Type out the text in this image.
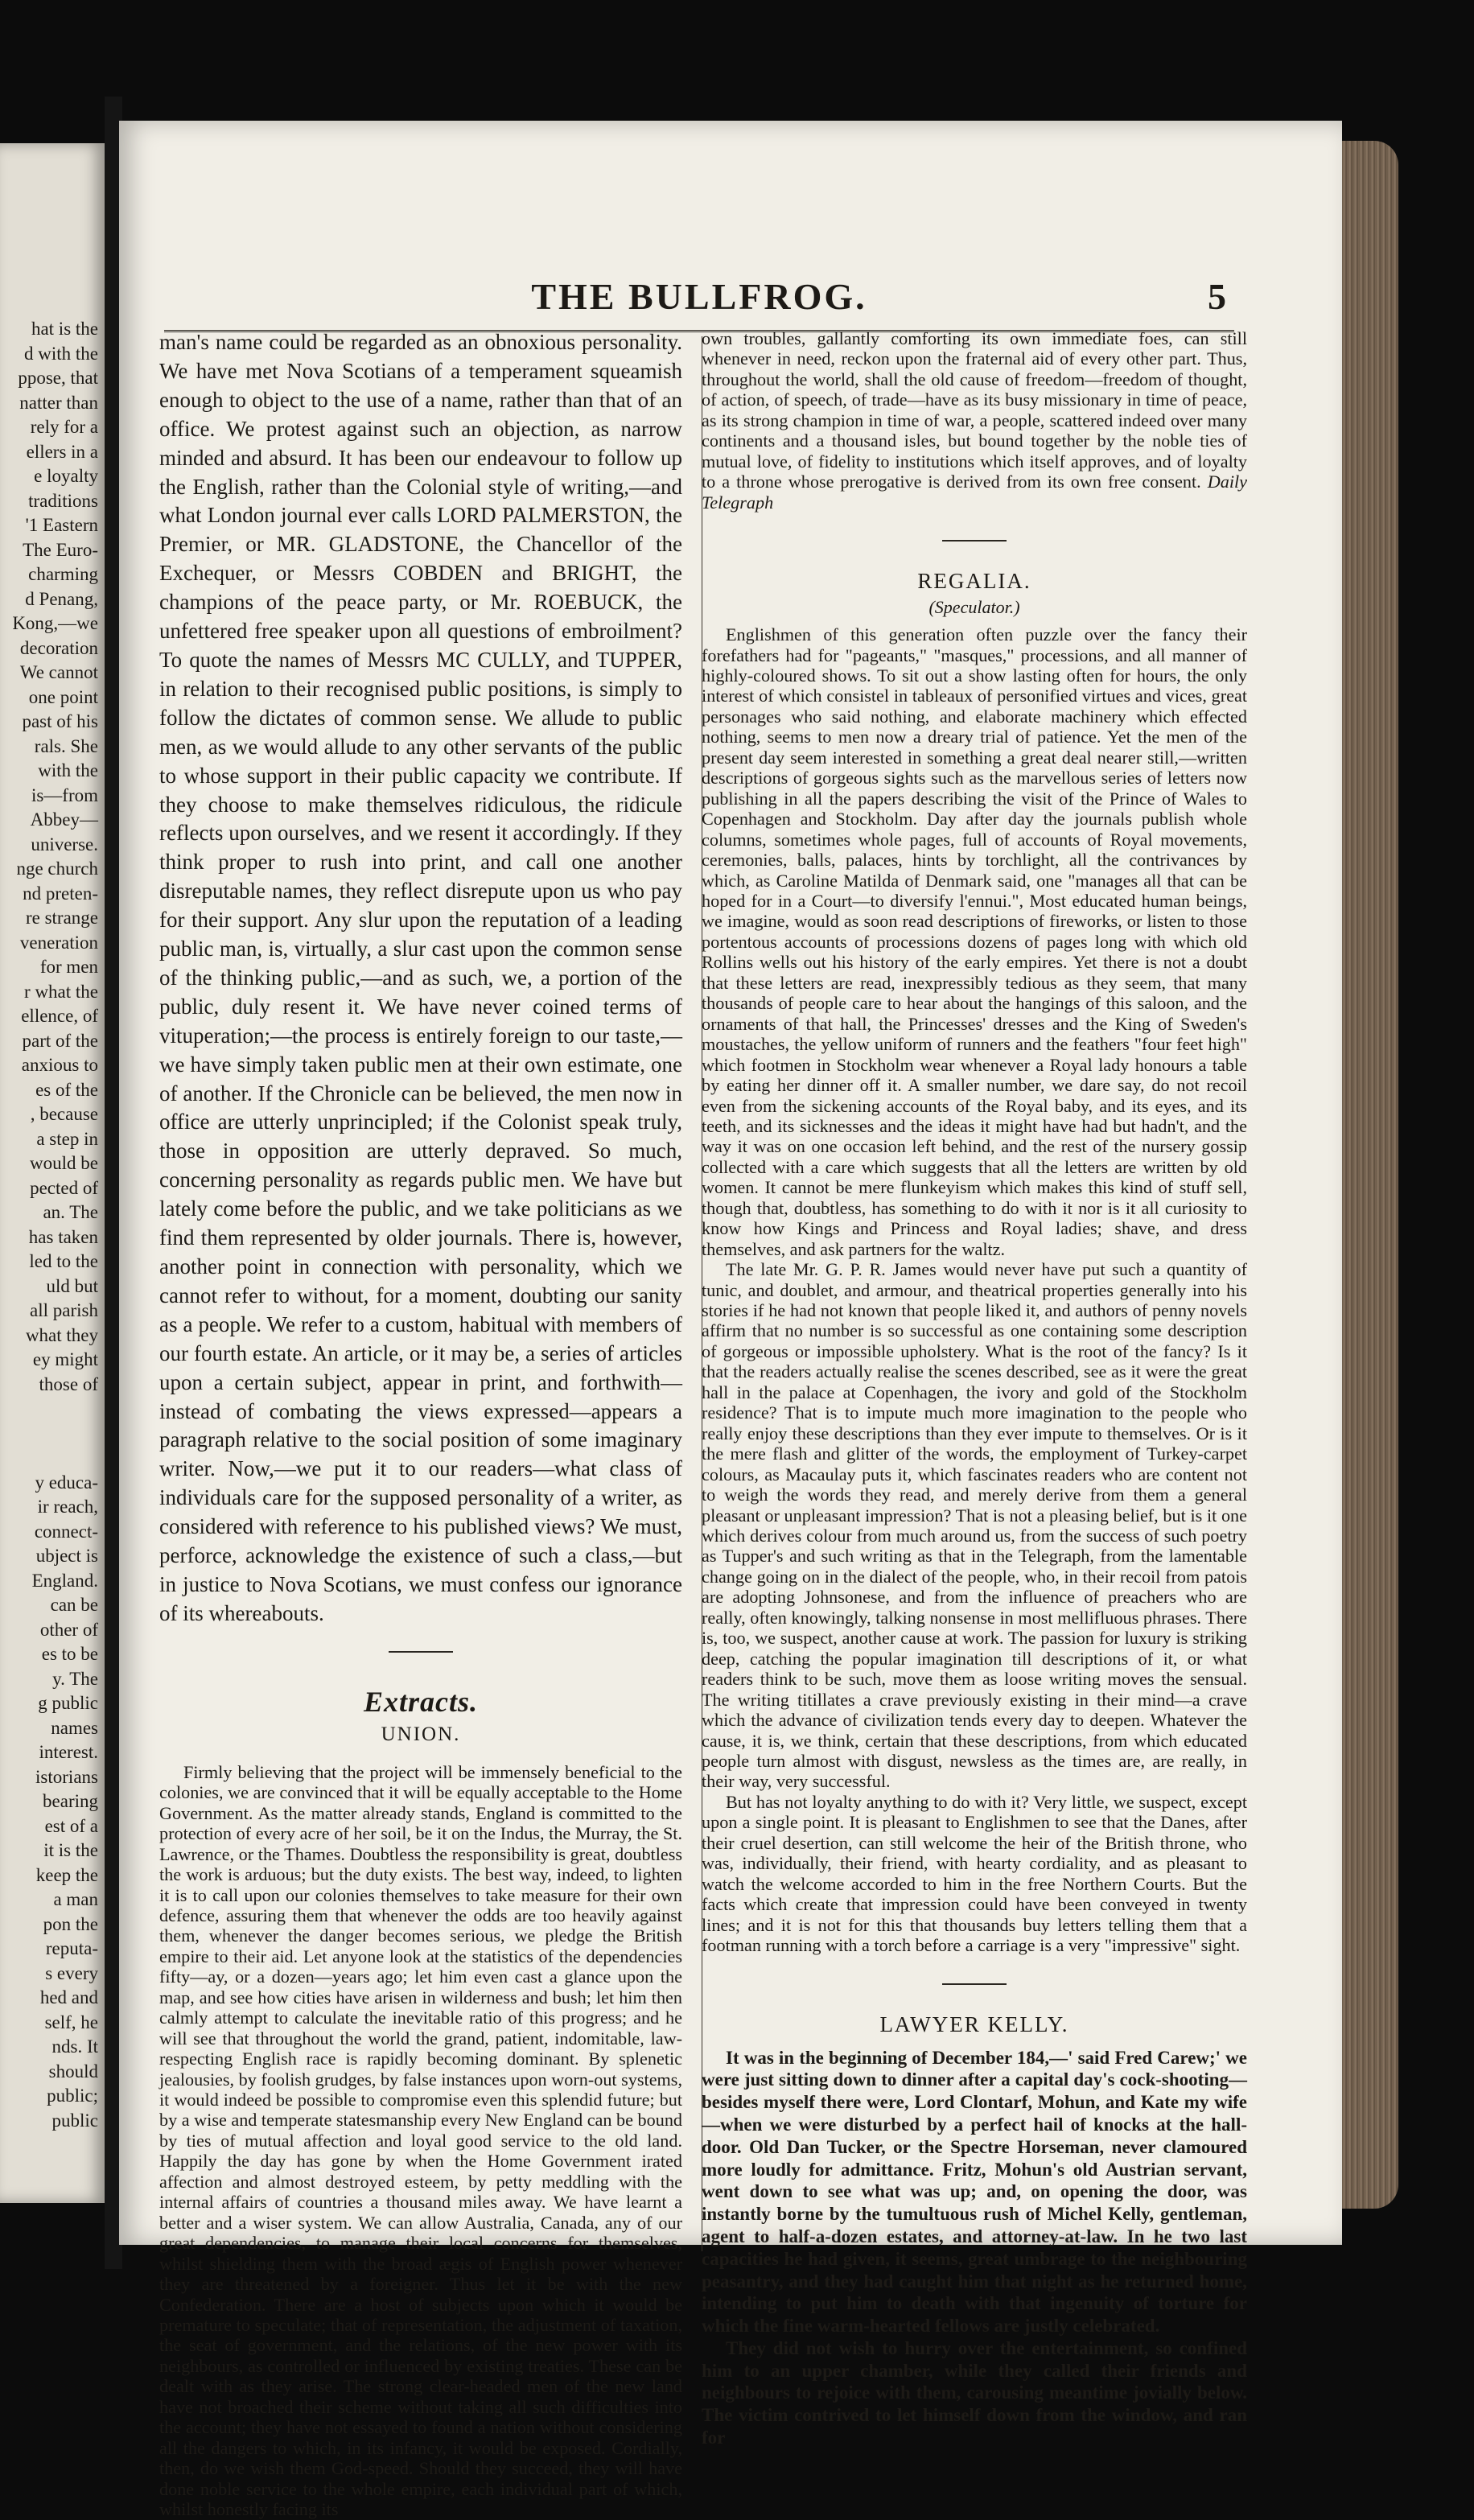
hat is the
d with the
ppose, that
natter than
rely for a
ellers in a
e loyalty
traditions
'1 Eastern
The Euro-
charming
d Penang,
Kong,—we
decoration
We cannot
one point
past of his
rals. She
with the
is—from
Abbey—
universe.
nge church
nd preten-
re strange
veneration
for men
r what the
ellence, of
part of the
anxious to
es of the
, because
a step in
would be
pected of
an. The
has taken
led to the
uld but
all parish
what they
ey might
those of
y educa-
ir reach,
connect-
ubject is
England.
can be
other of
es to be
y. The
g public
names
interest.
istorians
bearing
est of a
it is the
keep the
a man
pon the
reputa-
s every
hed and
self, he
nds. It
should
public;
public
THE BULLFROG.	5
man's name could be regarded as an obnoxious personality. We have met Nova Scotians of a temperament squeamish enough to object to the use of a name, rather than that of an office. We protest against such an objection, as narrow minded and absurd. It has been our endeavour to follow up the English, rather than the Colonial style of writing,—and what London journal ever calls LORD PALMERSTON, the Premier, or MR. GLADSTONE, the Chancellor of the Exchequer, or Messrs COBDEN and BRIGHT, the champions of the peace party, or Mr. ROEBUCK, the unfettered free speaker upon all questions of embroilment? To quote the names of Messrs MC CULLY, and TUPPER, in relation to their recognised public positions, is simply to follow the dictates of common sense. We allude to public men, as we would allude to any other servants of the public to whose support in their public capacity we contribute. If they choose to make themselves ridiculous, the ridicule reflects upon ourselves, and we resent it accordingly. If they think proper to rush into print, and call one another disreputable names, they reflect disrepute upon us who pay for their support. Any slur upon the reputation of a leading public man, is, virtually, a slur cast upon the common sense of the thinking public,—and as such, we, a portion of the public, duly resent it. We have never coined terms of vituperation;—the process is entirely foreign to our taste,—we have simply taken public men at their own estimate, one of another. If the Chronicle can be believed, the men now in office are utterly unprincipled; if the Colonist speak truly, those in opposition are utterly depraved. So much, concerning personality as regards public men. We have but lately come before the public, and we take politicians as we find them represented by older journals. There is, however, another point in connection with personality, which we cannot refer to without, for a moment, doubting our sanity as a people. We refer to a custom, habitual with members of our fourth estate. An article, or it may be, a series of articles upon a certain subject, appear in print, and forthwith—instead of combating the views expressed—appears a paragraph relative to the social position of some imaginary writer. Now,—we put it to our readers—what class of individuals care for the supposed personality of a writer, as considered with reference to his published views? We must, perforce, acknowledge the existence of such a class,—but in justice to Nova Scotians, we must confess our ignorance of its whereabouts.
Extracts.
UNION.
Firmly believing that the project will be immensely beneficial to the colonies, we are convinced that it will be equally acceptable to the Home Government. As the matter already stands, England is committed to the protection of every acre of her soil, be it on the Indus, the Murray, the St. Lawrence, or the Thames. Doubtless the responsibility is great, doubtless the work is arduous; but the duty exists. The best way, indeed, to lighten it is to call upon our colonies themselves to take measure for their own defence, assuring them that whenever the odds are too heavily against them, whenever the danger becomes serious, we pledge the British empire to their aid. Let anyone look at the statistics of the dependencies fifty—ay, or a dozen—years ago; let him even cast a glance upon the map, and see how cities have arisen in wilderness and bush; let him then calmly attempt to calculate the inevitable ratio of this progress; and he will see that throughout the world the grand, patient, indomitable, law-respecting English race is rapidly becoming dominant. By splenetic jealousies, by foolish grudges, by false instances upon worn-out systems, it would indeed be possible to compromise even this splendid future; but by a wise and temperate statesmanship every New England can be bound by ties of mutual affection and loyal good service to the old land. Happily the day has gone by when the Home Government irated affection and almost destroyed esteem, by petty meddling with the internal affairs of countries a thousand miles away. We have learnt a better and a wiser system. We can allow Australia, Canada, any of our great dependencies, to manage their local concerns for themselves, whilst shielding them with the broad ægis of English power whenever they are threatened by a foreigner. Thus let it be with the new Confederation. There are a host of subjects upon which it would be premature to speculate; that of representation, the adjustment of taxation, the seat of government, and the relations, of the new power with its neighbours, as controlled or influenced by existing treaties. These can be dealt with as they arise. The strong clear-headed men of the new land have not broached their scheme without taking all such difficulties into the account; they have not essayed to found a nation without considering all the dangers to which, in its infancy, it would be exposed. Cordially, then, do we wish them God-speed. Should they succeed, they will have done noble service to the whole empire, each individual part of which, whilst honestly facing its
own troubles, gallantly comforting its own immediate foes, can still whenever in need, reckon upon the fraternal aid of every other part. Thus, throughout the world, shall the old cause of freedom—freedom of thought, of action, of speech, of trade—have as its busy missionary in time of peace, as its strong champion in time of war, a people, scattered indeed over many continents and a thousand isles, but bound together by the noble ties of mutual love, of fidelity to institutions which itself approves, and of loyalty to a throne whose prerogative is derived from its own free consent. Daily Telegraph
REGALIA.
(Speculator.)
Englishmen of this generation often puzzle over the fancy their forefathers had for "pageants," "masques," processions, and all manner of highly-coloured shows. To sit out a show lasting often for hours, the only interest of which consistel in tableaux of personified virtues and vices, great personages who said nothing, and elaborate machinery which effected nothing, seems to men now a dreary trial of patience. Yet the men of the present day seem interested in something a great deal nearer still,—written descriptions of gorgeous sights such as the marvellous series of letters now publishing in all the papers describing the visit of the Prince of Wales to Copenhagen and Stockholm. Day after day the journals publish whole columns, sometimes whole pages, full of accounts of Royal movements, ceremonies, balls, palaces, hints by torchlight, all the contrivances by which, as Caroline Matilda of Denmark said, one "manages all that can be hoped for in a Court—to diversify l'ennui.", Most educated human beings, we imagine, would as soon read descriptions of fireworks, or listen to those portentous accounts of processions dozens of pages long with which old Rollins wells out his history of the early empires. Yet there is not a doubt that these letters are read, inexpressibly tedious as they seem, that many thousands of people care to hear about the hangings of this saloon, and the ornaments of that hall, the Princesses' dresses and the King of Sweden's moustaches, the yellow uniform of runners and the feathers "four feet high" which footmen in Stockholm wear whenever a Royal lady honours a table by eating her dinner off it. A smaller number, we dare say, do not recoil even from the sickening accounts of the Royal baby, and its eyes, and its teeth, and its sicknesses and the ideas it might have had but hadn't, and the way it was on one occasion left behind, and the rest of the nursery gossip collected with a care which suggests that all the letters are written by old women. It cannot be mere flunkeyism which makes this kind of stuff sell, though that, doubtless, has something to do with it nor is it all curiosity to know how Kings and Princess and Royal ladies; shave, and dress themselves, and ask partners for the waltz.
The late Mr. G. P. R. James would never have put such a quantity of tunic, and doublet, and armour, and theatrical properties generally into his stories if he had not known that people liked it, and authors of penny novels affirm that no number is so successful as one containing some description of gorgeous or impossible upholstery. What is the root of the fancy? Is it that the readers actually realise the scenes described, see as it were the great hall in the palace at Copenhagen, the ivory and gold of the Stockholm residence? That is to impute much more imagination to the people who really enjoy these descriptions than they ever impute to themselves. Or is it the mere flash and glitter of the words, the employment of Turkey-carpet colours, as Macaulay puts it, which fascinates readers who are content not to weigh the words they read, and merely derive from them a general pleasant or unpleasant impression? That is not a pleasing belief, but is it one which derives colour from much around us, from the success of such poetry as Tupper's and such writing as that in the Telegraph, from the lamentable change going on in the dialect of the people, who, in their recoil from patois are adopting Johnsonese, and from the influence of preachers who are really, often knowingly, talking nonsense in most mellifluous phrases. There is, too, we suspect, another cause at work. The passion for luxury is striking deep, catching the popular imagination till descriptions of it, or what readers think to be such, move them as loose writing moves the sensual. The writing titillates a crave previously existing in their mind—a crave which the advance of civilization tends every day to deepen. Whatever the cause, it is, we think, certain that these descriptions, from which educated people turn almost with disgust, newsless as the times are, are really, in their way, very successful.
But has not loyalty anything to do with it? Very little, we suspect, except upon a single point. It is pleasant to Englishmen to see that the Danes, after their cruel desertion, can still welcome the heir of the British throne, who was, individually, their friend, with hearty cordiality, and as pleasant to watch the welcome accorded to him in the free Northern Courts. But the facts which create that impression could have been conveyed in twenty lines; and it is not for this that thousands buy letters telling them that a footman running with a torch before a carriage is a very "impressive" sight.
LAWYER KELLY.
It was in the beginning of December 184,—' said Fred Carew;' we were just sitting down to dinner after a capital day's cock-shooting—besides myself there were, Lord Clontarf, Mohun, and Kate my wife—when we were disturbed by a perfect hail of knocks at the hall-door. Old Dan Tucker, or the Spectre Horseman, never clamoured more loudly for admittance. Fritz, Mohun's old Austrian servant, went down to see what was up; and, on opening the door, was instantly borne by the tumultuous rush of Michel Kelly, gentleman, agent to half-a-dozen estates, and attorney-at-law. In he two last capacities he had given, it seems, great umbrage to the neighbouring peasantry, and they had caught him that night as he returned home, intending to put him to death with that ingenuity of torture for which the fine warm-hearted fellows are justly celebrated.
They did not wish to hurry over the entertainment, so confined him to an upper chamber, while they called their friends and neighbours to rejoice with them, carousing meantime jovially below. The victim contrived to let himself down from the window, and ran for
